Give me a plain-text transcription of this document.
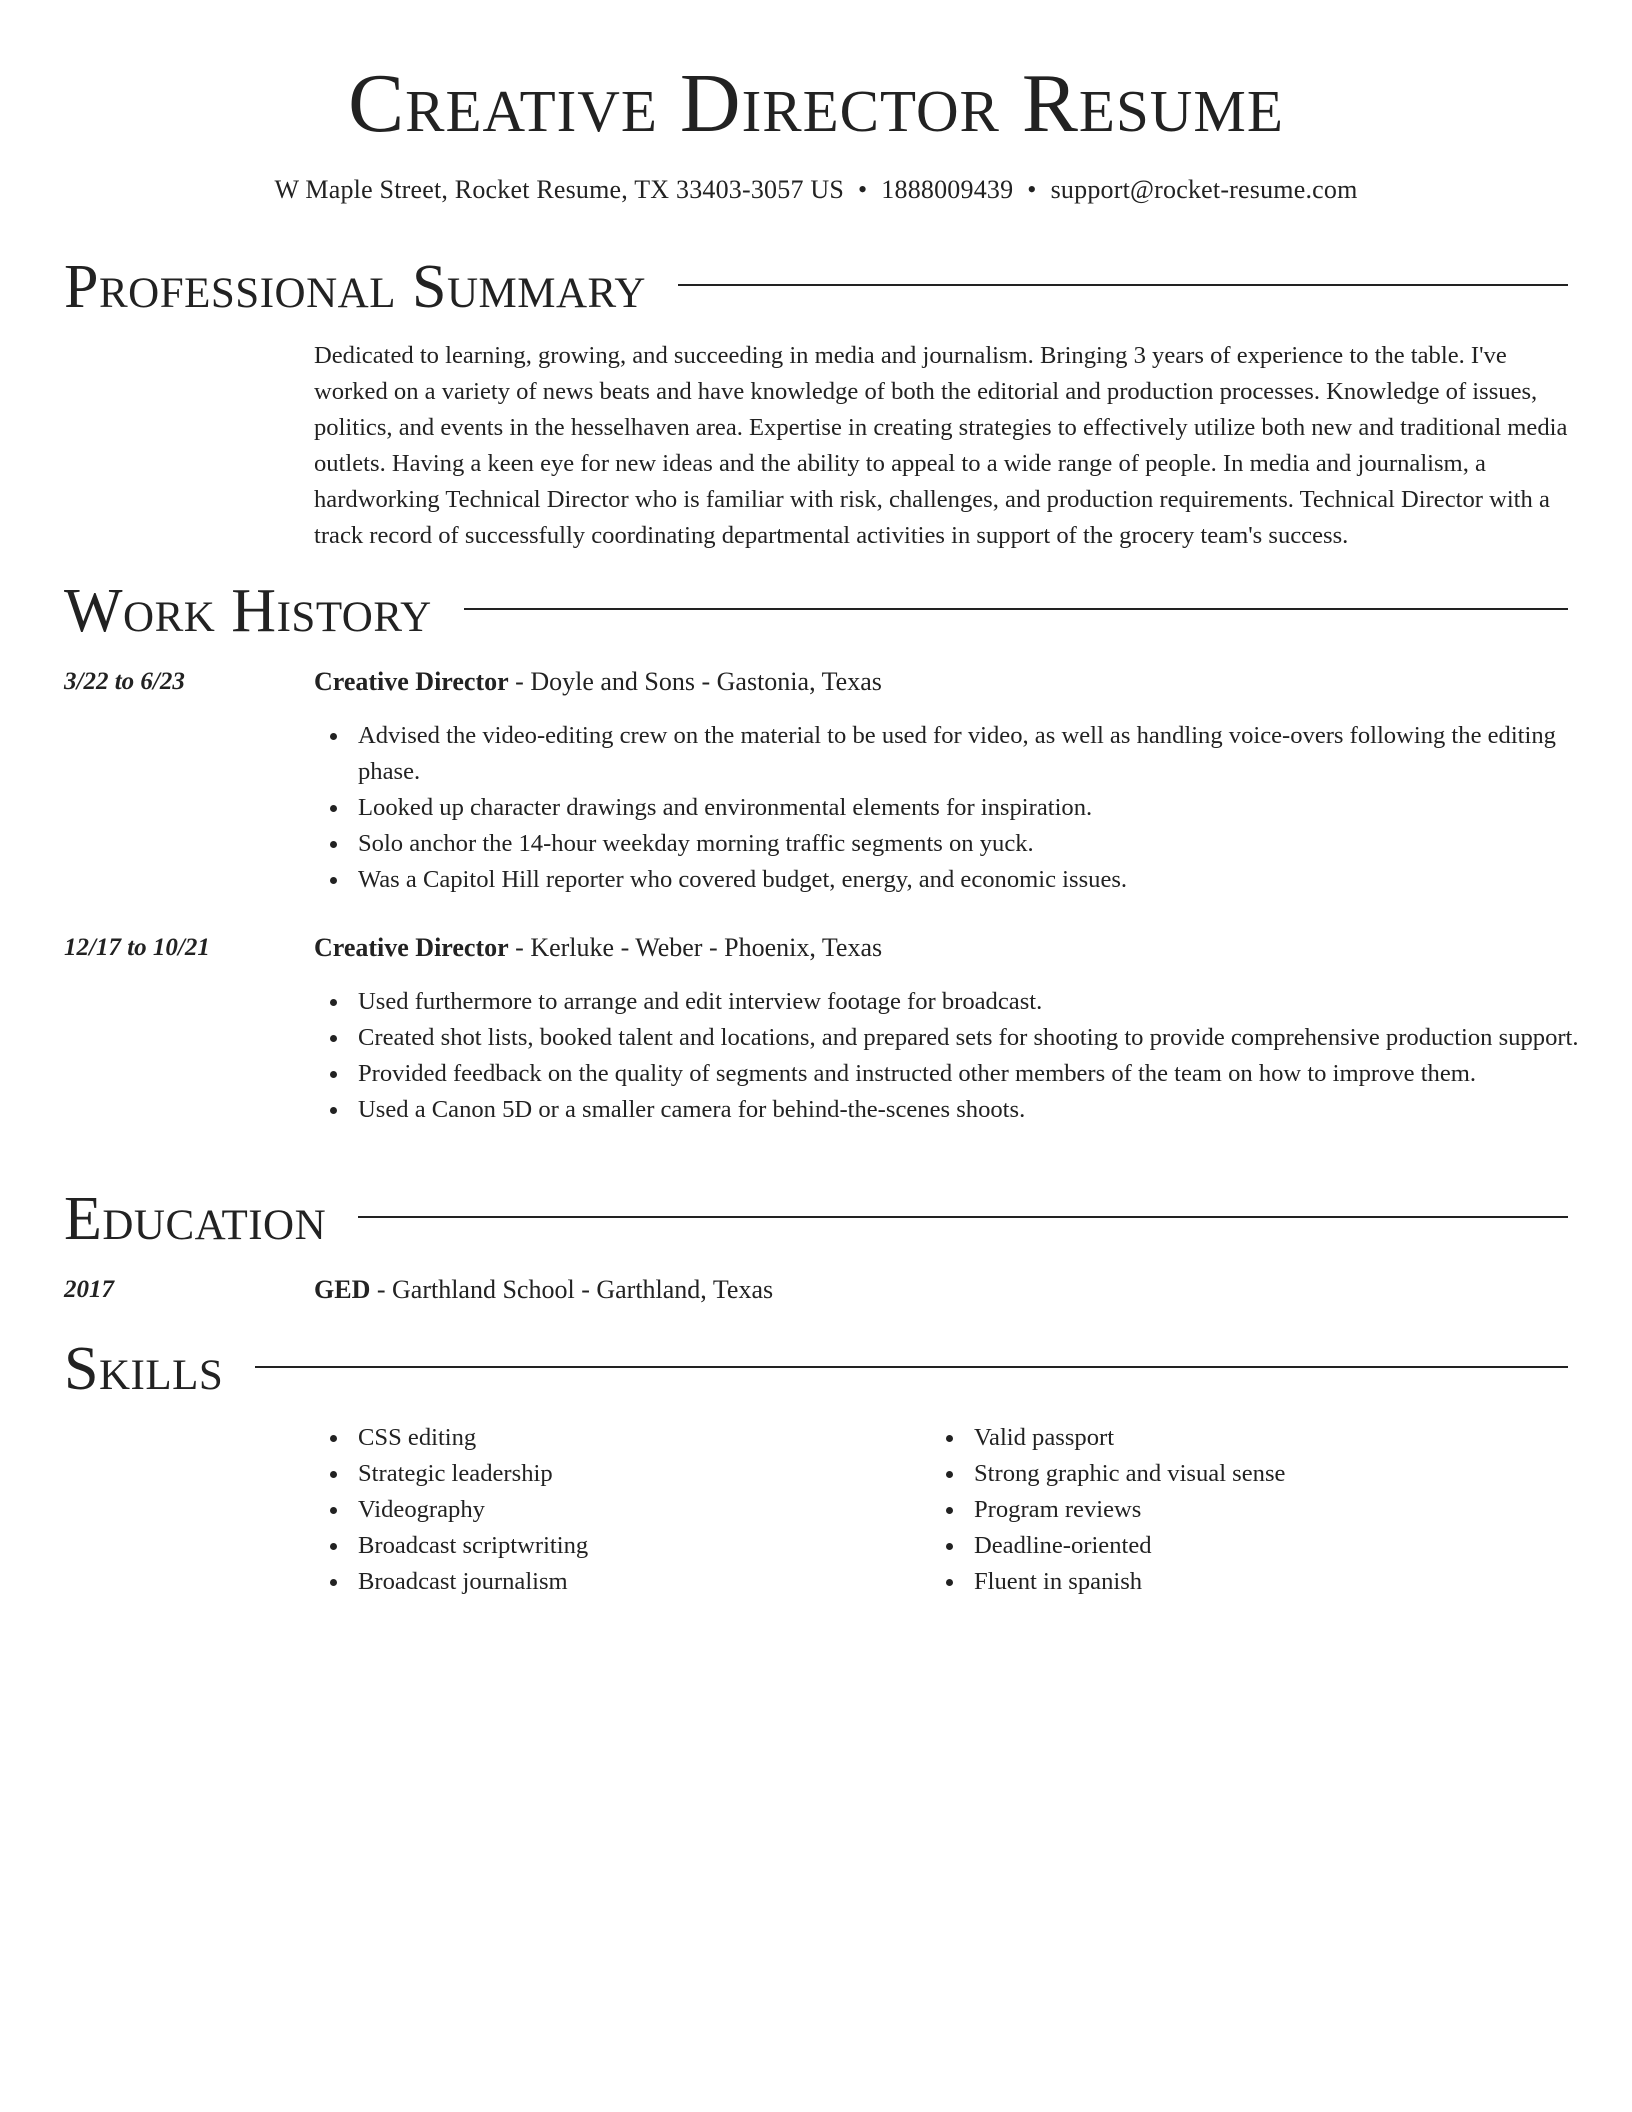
Creative Director Resume
W Maple Street, Rocket Resume, TX 33403-3057 US • 1888009439 • support@rocket-resume.com
Professional Summary

Dedicated to learning, growing, and succeeding in media and journalism. Bringing 3 years of experience to the table. I've worked on a variety of news beats and have knowledge of both the editorial and production processes. Knowledge of issues, politics, and events in the hesselhaven area. Expertise in creating strategies to effectively utilize both new and traditional media outlets. Having a keen eye for new ideas and the ability to appeal to a wide range of people. In media and journalism, a hardworking Technical Director who is familiar with risk, challenges, and production requirements. Technical Director with a track record of successfully coordinating departmental activities in support of the grocery team's success.

Work History
3/22 to 6/23	Creative Director - Doyle and Sons - Gastonia, Texas
Advised the video-editing crew on the material to be used for video, as well as handling voice-overs following the editing phase.
Looked up character drawings and environmental elements for inspiration.
Solo anchor the 14-hour weekday morning traffic segments on yuck.
Was a Capitol Hill reporter who covered budget, energy, and economic issues.
12/17 to 10/21	Creative Director - Kerluke - Weber - Phoenix, Texas
Used furthermore to arrange and edit interview footage for broadcast.
Created shot lists, booked talent and locations, and prepared sets for shooting to provide comprehensive production support.
Provided feedback on the quality of segments and instructed other members of the team on how to improve them.
Used a Canon 5D or a smaller camera for behind-the-scenes shoots.
Education
2017	GED - Garthland School - Garthland, Texas
Skills
CSS editing
Strategic leadership
Videography
Broadcast scriptwriting
Broadcast journalism
Valid passport
Strong graphic and visual sense
Program reviews
Deadline-oriented
Fluent in spanish
